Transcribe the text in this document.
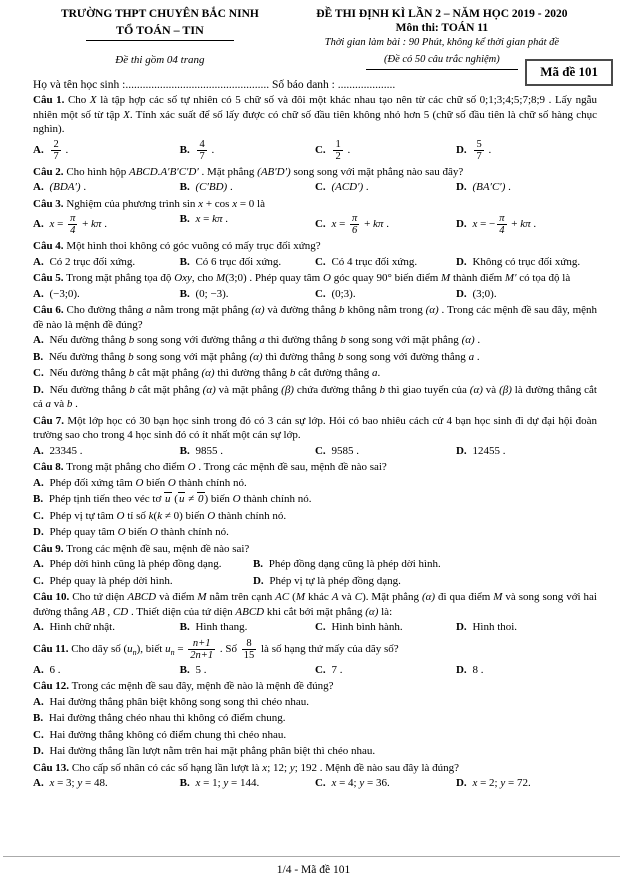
TRƯỜNG THPT CHUYÊN BẮC NINH
TỔ TOÁN – TIN
Đề thi gồm 04 trang
ĐỀ THI ĐỊNH KÌ LẦN 2 – NĂM HỌC 2019 - 2020
Môn thi: TOÁN 11
Thời gian làm bài : 90 Phút, không kể thời gian phát đề
(Đề có 50 câu trắc nghiệm)
Mã đề 101
Họ và tên học sinh :.................................................. Số báo danh : ....................

Câu 1. Cho X là tập hợp các số tự nhiên có 5 chữ số và đôi một khác nhau tạo nên từ các chữ số 0;1;3;4;5;7;8;9 . Lấy ngẫu nhiên một số từ tập X. Tính xác suất để số lấy được có chữ số đầu tiên không nhỏ hơn 5 (chữ số đầu tiên là chữ số hàng chục nghìn).

A. $\frac{2}{7}$ .	B. $\frac{4}{7}$ .	C. $\frac{1}{2}$ .	D. $\frac{5}{7}$ .

Câu 2. Cho hình hộp ABCD.A′B′C′D′ . Mặt phẳng (AB′D′) song song với mặt phẳng nào sau đây?

A. (BDA′) .	B. (C′BD) .	C. (ACD′) .	D. (BA′C′) .

Câu 3. Nghiệm của phương trình sin x + cos x = 0 là

A. $x = \frac{\pi}{4} + k\pi$ .	B. x = kπ .	C. $x = \frac{\pi}{6} + k\pi$ .	D. x = − $\frac{\pi}{4} + k\pi$ .

Câu 4. Một hình thoi không có góc vuông có mấy trục đối xứng?

A. Có 2 trục đối xứng.	B. Có 6 trục đối xứng.	C. Có 4 trục đối xứng.	D. Không có trục đối xứng.

Câu 5. Trong mặt phẳng tọa độ Oxy, cho M(3;0) . Phép quay tâm O góc quay 90° biến điểm M thành điểm M′ có tọa độ là

A. (−3;0).	B. (0; −3).	C. (0;3).	D. (3;0).

Câu 6. Cho đường thẳng a nằm trong mặt phẳng (α) và đường thẳng b không nằm trong (α) . Trong các mệnh đề sau đây, mệnh đề nào là mệnh đề đúng?

A. Nếu đường thẳng b song song với đường thẳng a thì đường thẳng b song song với mặt phẳng (α) .
B. Nếu đường thẳng b song song với mặt phẳng (α) thì đường thẳng b song song với đường thẳng a .
C. Nếu đường thẳng b cắt mặt phẳng (α) thì đường thẳng b cắt đường thẳng a.
D. Nếu đường thẳng b cắt mặt phẳng (α) và mặt phẳng (β) chứa đường thẳng b thì giao tuyến của (α) và (β) là đường thẳng cắt cả a và b .

Câu 7. Một lớp học có 30 bạn học sinh trong đó có 3 cán sự lớp. Hỏi có bao nhiêu cách cử 4 bạn học sinh đi dự đại hội đoàn trường sao cho trong 4 học sinh đó có ít nhất một cán sự lớp.

A. 23345 .	B. 9855 .	C. 9585 .	D. 12455 .

Câu 8. Trong mặt phẳng cho điểm O . Trong các mệnh đề sau, mệnh đề nào sai?

A. Phép đối xứng tâm O biến O thành chính nó.
B. Phép tịnh tiến theo véc tơ u (u ≠ 0) biến O thành chính nó.
C. Phép vị tự tâm O tỉ số k(k ≠ 0) biến O thành chính nó.
D. Phép quay tâm O biến O thành chính nó.

Câu 9. Trong các mệnh đề sau, mệnh đề nào sai?

A. Phép dời hình cũng là phép đồng dạng.	B. Phép đồng dạng cũng là phép dời hình.
C. Phép quay là phép dời hình.	D. Phép vị tự là phép đồng dạng.

Câu 10. Cho tứ diện ABCD và điểm M nằm trên cạnh AC (M khác A và C). Mặt phẳng (α) đi qua điểm M và song song với hai đường thẳng AB , CD . Thiết diện của tứ diện ABCD khi cắt bởi mặt phẳng (α) là:

A. Hình chữ nhật.	B. Hình thang.	C. Hình bình hành.	D. Hình thoi.

Câu 11. Cho dãy số $(u_n)$, biết $u_n = \frac{n+1}{2n+1}$ . Số $\frac{8}{15}$ là số hạng thứ mấy của dãy số?

A. 6 .	B. 5 .	C. 7 .	D. 8 .

Câu 12. Trong các mệnh đề sau đây, mệnh đề nào là mệnh đề đúng?

A. Hai đường thẳng phân biệt không song song thì chéo nhau.
B. Hai đường thẳng chéo nhau thì không có điểm chung.
C. Hai đường thẳng không có điểm chung thì chéo nhau.
D. Hai đường thẳng lần lượt nằm trên hai mặt phẳng phân biệt thì chéo nhau.

Câu 13. Cho cấp số nhân có các số hạng lần lượt là x; 12; y; 192 . Mệnh đề nào sau đây là đúng?

A. x = 3; y = 48.	B. x = 1; y = 144.	C. x = 4; y = 36.	D. x = 2; y = 72.
1/4 - Mã đề 101
